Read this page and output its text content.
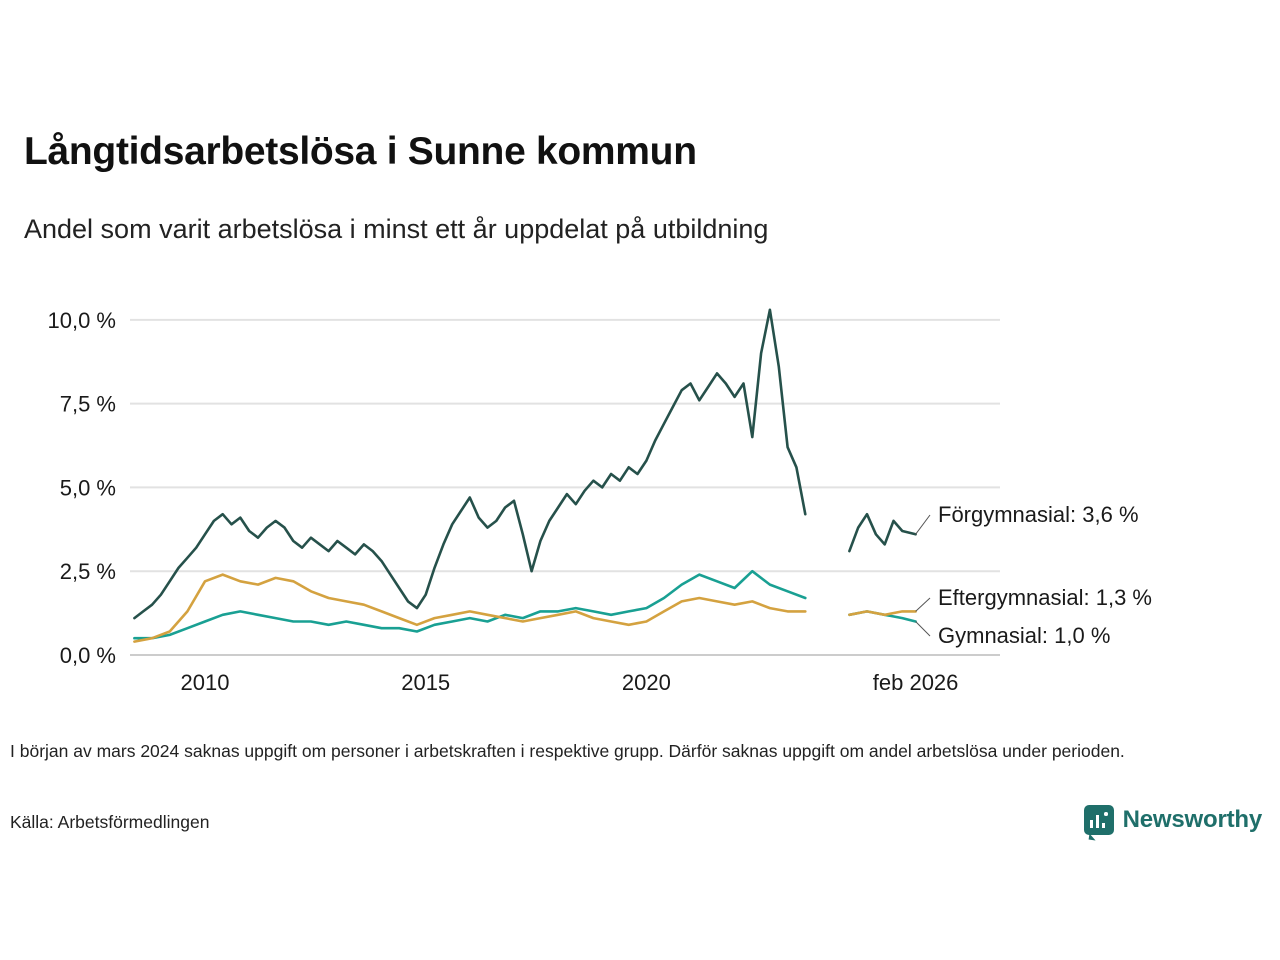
Långtidsarbetslösa i Sunne kommun
Andel som varit arbetslösa i minst ett år uppdelat på utbildning
0,0 %
2,5 %
5,0 %
7,5 %
10,0 %
2010	2015	2020	feb 2026
Förgymnasial: 3,6 %
Gymnasial: 1,0 %
Eftergymnasial: 1,3 %
I början av mars 2024 saknas uppgift om personer i arbetskraften i respektive grupp. Därför saknas uppgift om andel arbetslösa under perioden.
Källa: Arbetsförmedlingen	Newsworthy
